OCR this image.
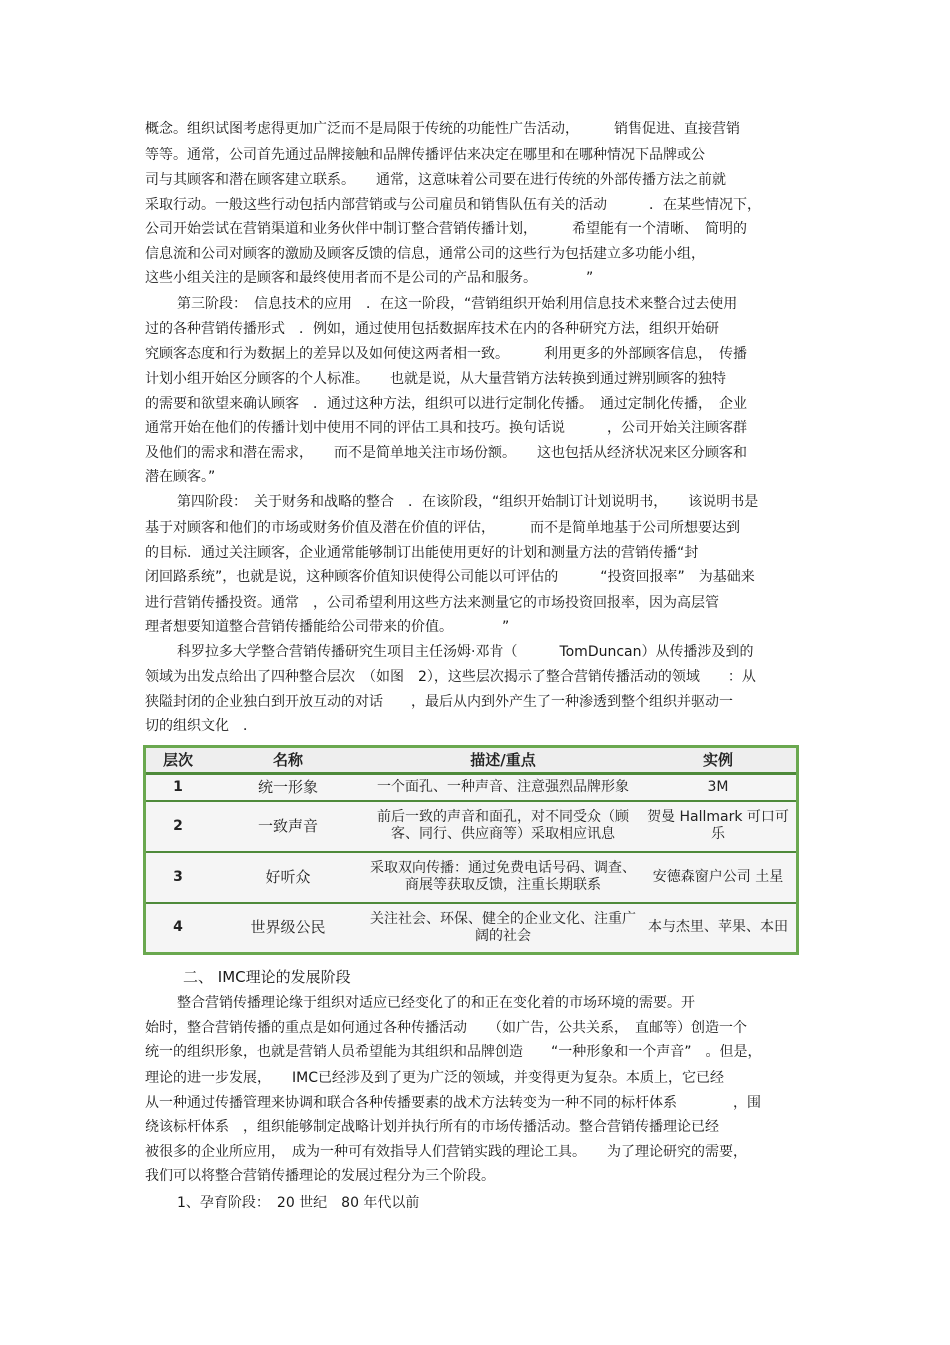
概念。组织试图考虑得更加广泛而不是局限于传统的功能性广告活动，　　　销售促进、直接营销
等等。通常，公司首先通过品牌接触和品牌传播评估来决定在哪里和在哪种情况下品牌或公
司与其顾客和潜在顾客建立联系。　　通常，这意味着公司要在进行传统的外部传播方法之前就
采取行动。一般这些行动包括内部营销或与公司雇员和销售队伍有关的活动　　　．在某些情况下，
公司开始尝试在营销渠道和业务伙伴中制订整合营销传播计划，　　　希望能有一个清晰、　简明的
信息流和公司对顾客的激励及顾客反馈的信息，通常公司的这些行为包括建立多功能小组，
这些小组关注的是顾客和最终使用者而不是公司的产品和服务。　　　　”
第三阶段：　信息技术的应用　．在这一阶段，“营销组织开始利用信息技术来整合过去使用
过的各种营销传播形式　．例如，通过使用包括数据库技术在内的各种研究方法，组织开始研
究顾客态度和行为数据上的差异以及如何使这两者相一致。　　　利用更多的外部顾客信息，　传播
计划小组开始区分顾客的个人标准。　　也就是说，从大量营销方法转换到通过辨别顾客的独特
的需要和欲望来确认顾客　．通过这种方法，组织可以进行定制化传播。　通过定制化传播，　企业
通常开始在他们的传播计划中使用不同的评估工具和技巧。换句话说　　　，公司开始关注顾客群
及他们的需求和潜在需求，　　而不是简单地关注市场份额。　　这也包括从经济状况来区分顾客和
潜在顾客。”
第四阶段：　关于财务和战略的整合　．在该阶段，“组织开始制订计划说明书，　　该说明书是
基于对顾客和他们的市场或财务价值及潜在价值的评估，　　　而不是简单地基于公司所想要达到
的目标．通过关注顾客，企业通常能够制订出能使用更好的计划和测量方法的营销传播“封
闭回路系统”，也就是说，这种顾客价值知识使得公司能以可评估的　　　“投资回报率”　为基础来
进行营销传播投资。通常　，公司希望利用这些方法来测量它的市场投资回报率，因为高层管
理者想要知道整合营销传播能给公司带来的价值。　　　　”
科罗拉多大学整合营销传播研究生项目主任汤姆·邓肯（　　　TomDuncan）从传播涉及到的
领域为出发点给出了四种整合层次　（如图　2），这些层次揭示了整合营销传播活动的领域　　：从
狭隘封闭的企业独白到开放互动的对话　　，最后从内到外产生了一种渗透到整个组织并驱动一
切的组织文化　．
层次	名称	描述/重点	实例
1	统一形象	一个面孔、一种声音、注意强烈品牌形象	3M
2	一致声音	前后一致的声音和面孔，对不同受众（顾客、同行、供应商等）采取相应讯息	贺曼 Hallmark 可口可乐
3	好听众	采取双向传播：通过免费电话号码、调查、商展等获取反馈，注重长期联系	安德森窗户公司 土星
4	世界级公民	关注社会、环保、健全的企业文化、注重广阔的社会	本与杰里、苹果、本田
二、 IMC理论的发展阶段
整合营销传播理论缘于组织对适应已经变化了的和正在变化着的市场环境的需要。开
始时，整合营销传播的重点是如何通过各种传播活动　　（如广告，公共关系，　直邮等）创造一个
统一的组织形象，也就是营销人员希望能为其组织和品牌创造　　“一种形象和一个声音”　。但是，
理论的进一步发展，　　IMC已经涉及到了更为广泛的领域，并变得更为复杂。本质上，它已经
从一种通过传播管理来协调和联合各种传播要素的战术方法转变为一种不同的标杆体系　　　　，围
绕该标杆体系　，组织能够制定战略计划并执行所有的市场传播活动。整合营销传播理论已经
被很多的企业所应用，　成为一种可有效指导人们营销实践的理论工具。　　为了理论研究的需要，
我们可以将整合营销传播理论的发展过程分为三个阶段。
1、孕育阶段：　20 世纪　80 年代以前
